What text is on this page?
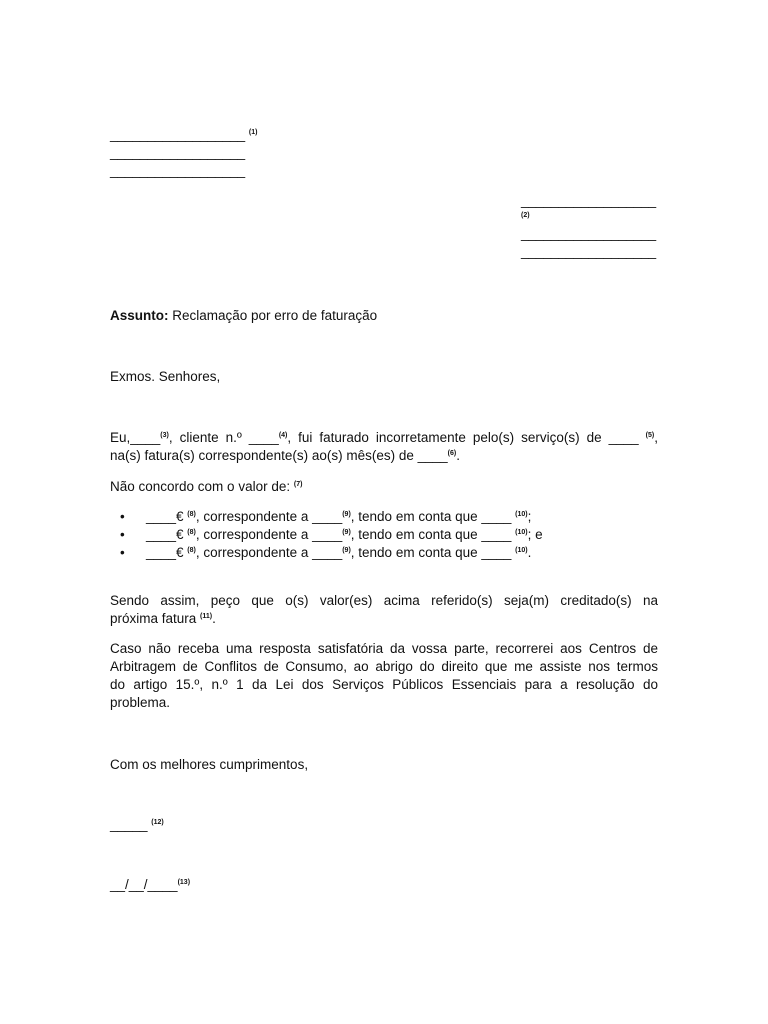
__________________ $^{(1)}$
__________________
__________________
__________________
(2)
__________________
__________________
Assunto: Reclamação por erro de faturação
Exmos. Senhores,
Eu,____$^{(3)}$, cliente n.º ____$^{(4)}$, fui faturado incorretamente pelo(s) serviço(s) de ____ $^{(5)}$,
na(s) fatura(s) correspondente(s) ao(s) mês(es) de ____$^{(6)}$.
Não concordo com o valor de: $^{(7)}$
• ____€ $^{(8)}$, correspondente a ____$^{(9)}$, tendo em conta que ____ $^{(10)}$;
• ____€ $^{(8)}$, correspondente a ____$^{(9)}$, tendo em conta que ____ $^{(10)}$; e
• ____€ $^{(8)}$, correspondente a ____$^{(9)}$, tendo em conta que ____ $^{(10)}$.
Sendo assim, peço que o(s) valor(es) acima referido(s) seja(m) creditado(s) na
próxima fatura $^{(11)}$.
Caso não receba uma resposta satisfatória da vossa parte, recorrerei aos Centros de
Arbitragem de Conflitos de Consumo, ao abrigo do direito que me assiste nos termos
do artigo 15.º, n.º 1 da Lei dos Serviços Públicos Essenciais para a resolução do
problema.
Com os melhores cumprimentos,
_____ $^{(12)}$
__/__/____$^{(13)}$
